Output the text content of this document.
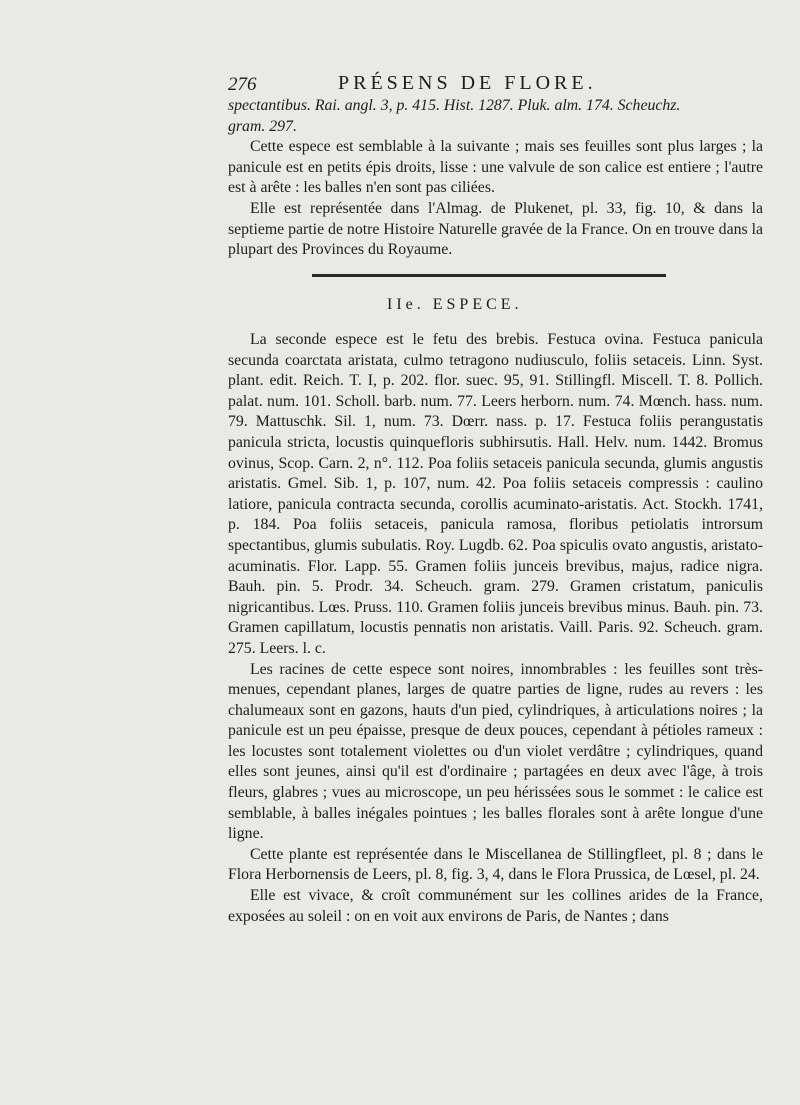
276	PRÉSENS DE FLORE.

spectantibus. Rai. angl. 3, p. 415. Hist. 1287. Pluk. alm. 174. Scheuchz.

gram. 297.

Cette espece est semblable à la suivante ; mais ses feuilles sont plus larges ; la panicule est en petits épis droits, lisse : une valvule de son calice est entiere ; l'autre est à arête : les balles n'en sont pas ciliées.

Elle est représentée dans l'Almag. de Plukenet, pl. 33, fig. 10, & dans la septieme partie de notre Histoire Naturelle gravée de la France. On en trouve dans la plupart des Provinces du Royaume.

IIe. ESPECE.

La seconde espece est le fetu des brebis. Festuca ovina. Festuca panicula secunda coarctata aristata, culmo tetragono nudiusculo, foliis setaceis. Linn. Syst. plant. edit. Reich. T. I, p. 202. flor. suec. 95, 91. Stillingfl. Miscell. T. 8. Pollich. palat. num. 101. Scholl. barb. num. 77. Leers herborn. num. 74. Mœnch. hass. num. 79. Mattuschk. Sil. 1, num. 73. Dœrr. nass. p. 17. Festuca foliis perangustatis panicula stricta, locustis quinquefloris subhirsutis. Hall. Helv. num. 1442. Bromus ovinus, Scop. Carn. 2, n°. 112. Poa foliis setaceis panicula secunda, glumis angustis aristatis. Gmel. Sib. 1, p. 107, num. 42. Poa foliis setaceis compressis : caulino latiore, panicula contracta secunda, corollis acuminato-aristatis. Act. Stockh. 1741, p. 184. Poa foliis setaceis, panicula ramosa, floribus petiolatis introrsum spectantibus, glumis subulatis. Roy. Lugdb. 62. Poa spiculis ovato angustis, aristato-acuminatis. Flor. Lapp. 55. Gramen foliis junceis brevibus, majus, radice nigra. Bauh. pin. 5. Prodr. 34. Scheuch. gram. 279. Gramen cristatum, paniculis nigricantibus. Lœs. Pruss. 110. Gramen foliis junceis brevibus minus. Bauh. pin. 73. Gramen capillatum, locustis pennatis non aristatis. Vaill. Paris. 92. Scheuch. gram. 275. Leers. l. c.

Les racines de cette espece sont noires, innombrables : les feuilles sont très-menues, cependant planes, larges de quatre parties de ligne, rudes au revers : les chalumeaux sont en gazons, hauts d'un pied, cylindriques, à articulations noires ; la panicule est un peu épaisse, presque de deux pouces, cependant à pétioles rameux : les locustes sont totalement violettes ou d'un violet verdâtre ; cylindriques, quand elles sont jeunes, ainsi qu'il est d'ordinaire ; partagées en deux avec l'âge, à trois fleurs, glabres ; vues au microscope, un peu hérissées sous le sommet : le calice est semblable, à balles inégales pointues ; les balles florales sont à arête longue d'une ligne.

Cette plante est représentée dans le Miscellanea de Stillingfleet, pl. 8 ; dans le Flora Herbornensis de Leers, pl. 8, fig. 3, 4, dans le Flora Prussica, de Lœsel, pl. 24.

Elle est vivace, & croît communément sur les collines arides de la France, exposées au soleil : on en voit aux environs de Paris, de Nantes ; dans
